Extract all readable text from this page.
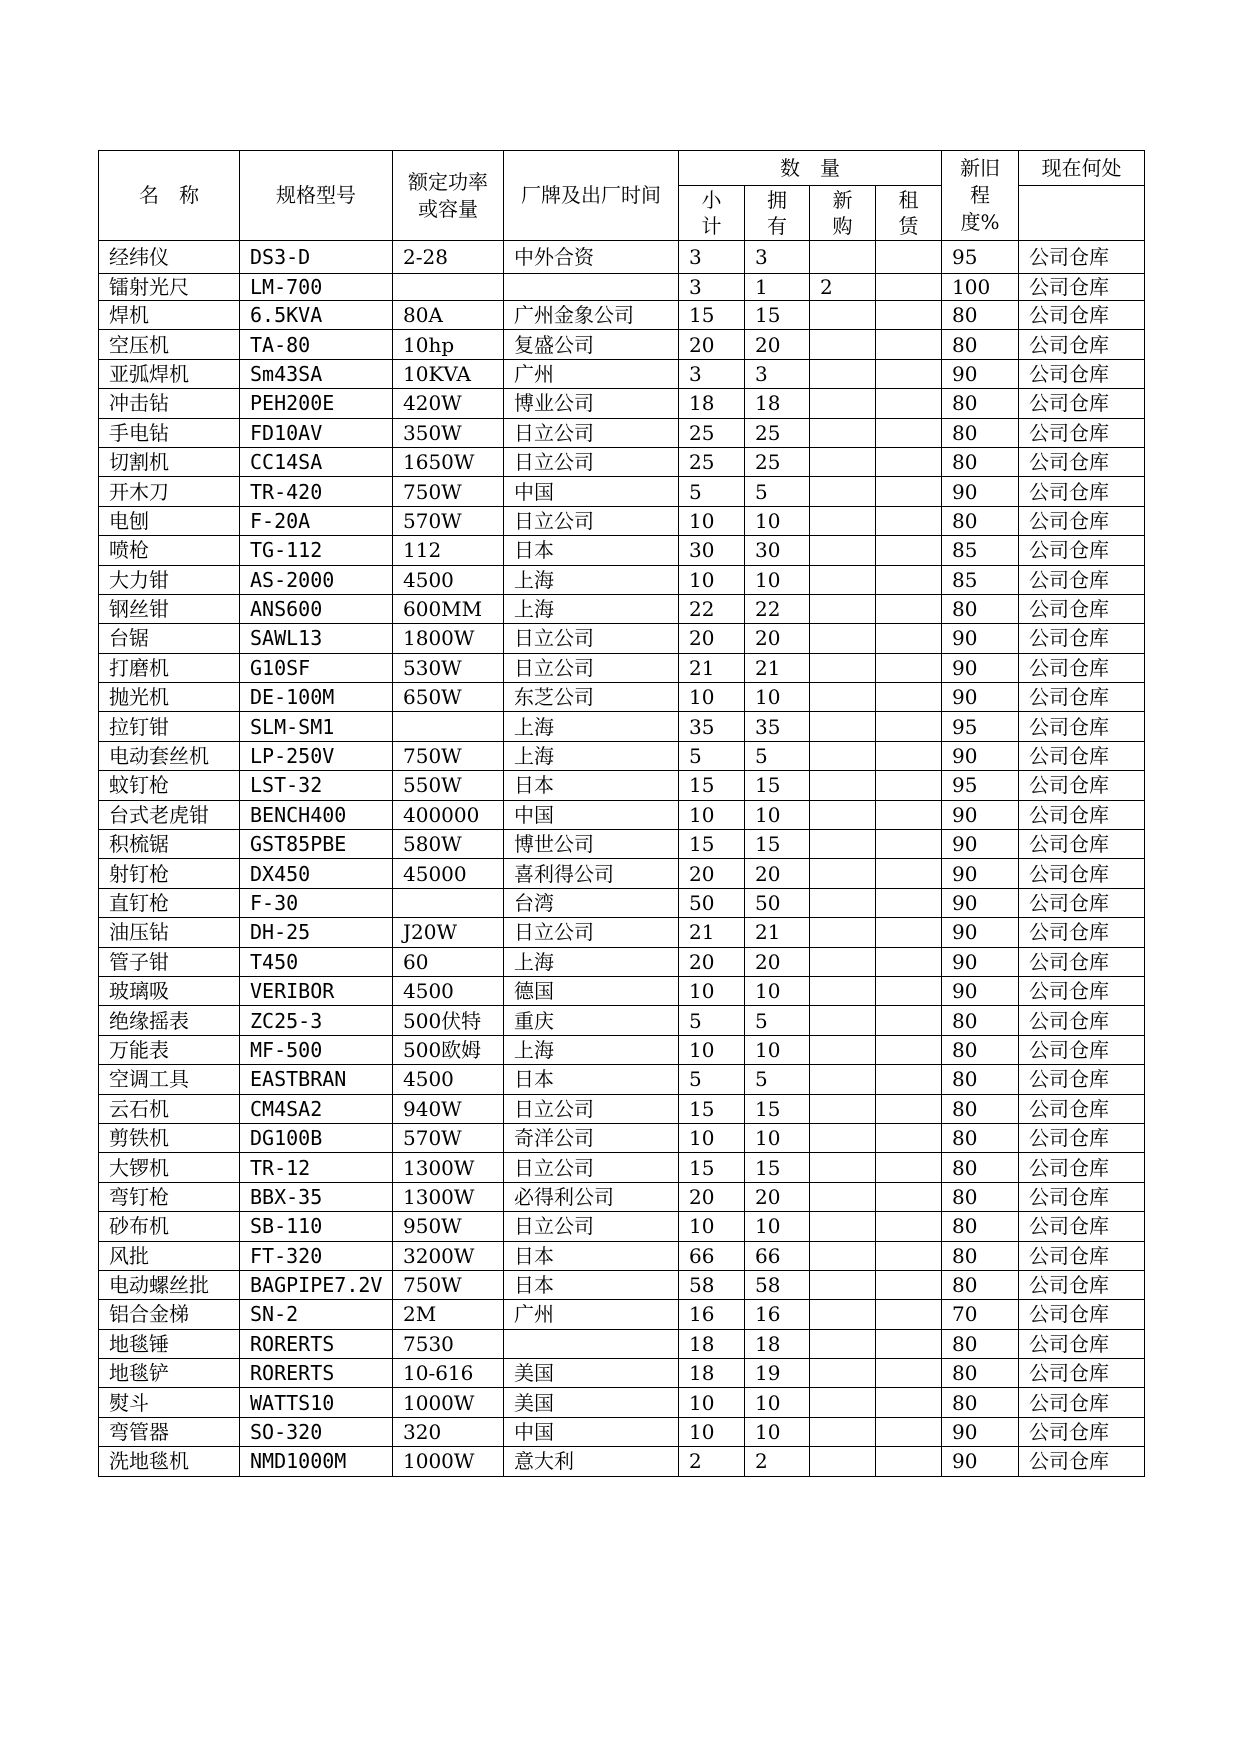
名　称	规格型号	额定功率或容量	厂牌及出厂时间	数　量				新旧程度%	现在何处
				小计	拥有	新购	租赁		
经纬仪	DS3-D	2-28	中外合资	3	3			95	公司仓库
镭射光尺	LM-700			3	1	2		100	公司仓库
焊机	6.5KVA	80A	广州金象公司	15	15			80	公司仓库
空压机	TA-80	10hp	复盛公司	20	20			80	公司仓库
亚弧焊机	Sm43SA	10KVA	广州	3	3			90	公司仓库
冲击钻	PEH200E	420W	博业公司	18	18			80	公司仓库
手电钻	FD10AV	350W	日立公司	25	25			80	公司仓库
切割机	CC14SA	1650W	日立公司	25	25			80	公司仓库
开木刀	TR-420	750W	中国	5	5			90	公司仓库
电刨	F-20A	570W	日立公司	10	10			80	公司仓库
喷枪	TG-112	112	日本	30	30			85	公司仓库
大力钳	AS-2000	4500	上海	10	10			85	公司仓库
钢丝钳	ANS600	600MM	上海	22	22			80	公司仓库
台锯	SAWL13	1800W	日立公司	20	20			90	公司仓库
打磨机	G10SF	530W	日立公司	21	21			90	公司仓库
抛光机	DE-100M	650W	东芝公司	10	10			90	公司仓库
拉钉钳	SLM-SM1		上海	35	35			95	公司仓库
电动套丝机	LP-250V	750W	上海	5	5			90	公司仓库
蚊钉枪	LST-32	550W	日本	15	15			95	公司仓库
台式老虎钳	BENCH400	400000	中国	10	10			90	公司仓库
积梳锯	GST85PBE	580W	博世公司	15	15			90	公司仓库
射钉枪	DX450	45000	喜利得公司	20	20			90	公司仓库
直钉枪	F-30		台湾	50	50			90	公司仓库
油压钻	DH-25	J20W	日立公司	21	21			90	公司仓库
管子钳	T450	60	上海	20	20			90	公司仓库
玻璃吸	VERIBOR	4500	德国	10	10			90	公司仓库
绝缘摇表	ZC25-3	500伏特	重庆	5	5			80	公司仓库
万能表	MF-500	500欧姆	上海	10	10			80	公司仓库
空调工具	EASTBRAN	4500	日本	5	5			80	公司仓库
云石机	CM4SA2	940W	日立公司	15	15			80	公司仓库
剪铁机	DG100B	570W	奇洋公司	10	10			80	公司仓库
大锣机	TR-12	1300W	日立公司	15	15			80	公司仓库
弯钉枪	BBX-35	1300W	必得利公司	20	20			80	公司仓库
砂布机	SB-110	950W	日立公司	10	10			80	公司仓库
风批	FT-320	3200W	日本	66	66			80	公司仓库
电动螺丝批	BAGPIPE7.2V	750W	日本	58	58			80	公司仓库
铝合金梯	SN-2	2M	广州	16	16			70	公司仓库
地毯锤	RORERTS	7530		18	18			80	公司仓库
地毯铲	RORERTS	10-616	美国	18	19			80	公司仓库
熨斗	WATTS10	1000W	美国	10	10			80	公司仓库
弯管器	SO-320	320	中国	10	10			90	公司仓库
洗地毯机	NMD1000M	1000W	意大利	2	2			90	公司仓库
